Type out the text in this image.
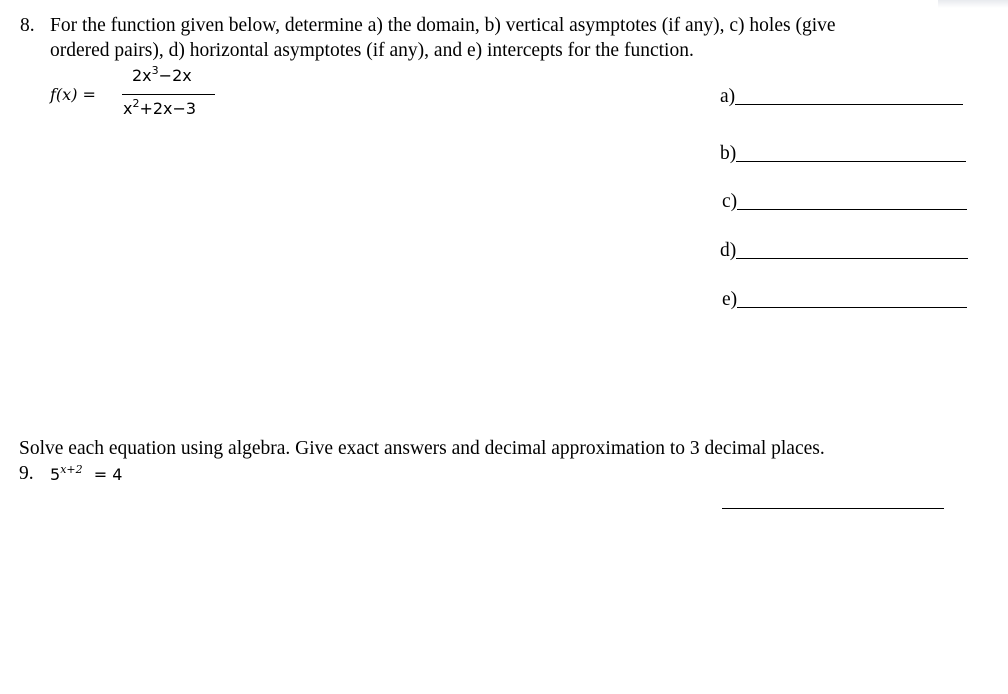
8. For the function given below, determine a) the domain, b) vertical asymptotes (if any), c) holes (give
ordered pairs), d) horizontal asymptotes (if any), and e) intercepts for the function.
f(x) =
$2x^3-2x$
$x^2+2x-3$
a)
b)
c)
d)
e)
Solve each equation using algebra. Give exact answers and decimal approximation to 3 decimal places.
9. $5^{x+2} = 4$
